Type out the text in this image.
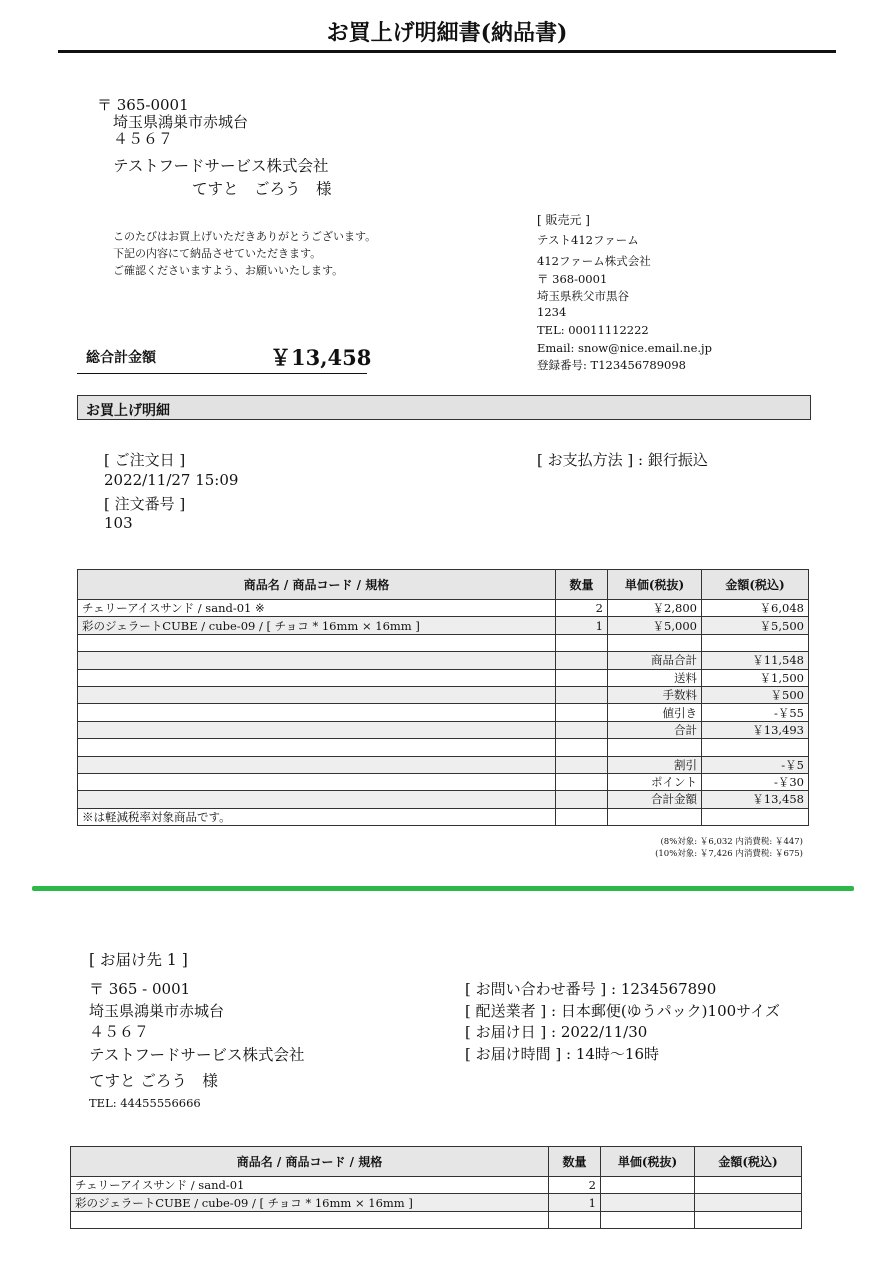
お買上げ明細書(納品書)
〒 365-0001
埼玉県鴻巣市赤城台
４５６７
テストフードサービス株式会社
てすと　ごろう　様
このたびはお買上げいただきありがとうございます。
下記の内容にて納品させていただきます。
ご確認くださいますよう、お願いいたします。
[ 販売元 ]
テスト412ファーム
412ファーム株式会社
〒 368-0001
埼玉県秩父市黒谷
1234
TEL: 00011112222
Email: snow@nice.email.ne.jp
登録番号: T123456789098
総合計金額	￥13,458
お買上げ明細
[ ご注文日 ]
2022/11/27 15:09
[ 注文番号 ]
103
[ お支払方法 ] : 銀行振込
商品名 / 商品コード / 規格	数量	単価(税抜)	金額(税込)
チェリーアイスサンド / sand-01 ※	2	￥2,800	￥6,048
彩のジェラートCUBE / cube-09 / [ チョコ * 16mm × 16mm ]	1	￥5,000	￥5,500

		商品合計	￥11,548
		送料	￥1,500
		手数料	￥500
		値引き	-￥55
		合計	￥13,493

		割引	-￥5
		ポイント	-￥30
		合計金額	￥13,458
※は軽減税率対象商品です。			
(8%対象: ￥6,032 内消費税: ￥447)
(10%対象: ￥7,426 内消費税: ￥675)
[ お届け先 1 ]
〒 365 - 0001
埼玉県鴻巣市赤城台
４５６７
テストフードサービス株式会社
てすと ごろう　様
TEL: 44455556666
[ お問い合わせ番号 ] : 1234567890
[ 配送業者 ] : 日本郵便(ゆうパック)100サイズ
[ お届け日 ] : 2022/11/30
[ お届け時間 ] : 14時～16時
商品名 / 商品コード / 規格	数量	単価(税抜)	金額(税込)
チェリーアイスサンド / sand-01	2		
彩のジェラートCUBE / cube-09 / [ チョコ * 16mm × 16mm ]	1		
